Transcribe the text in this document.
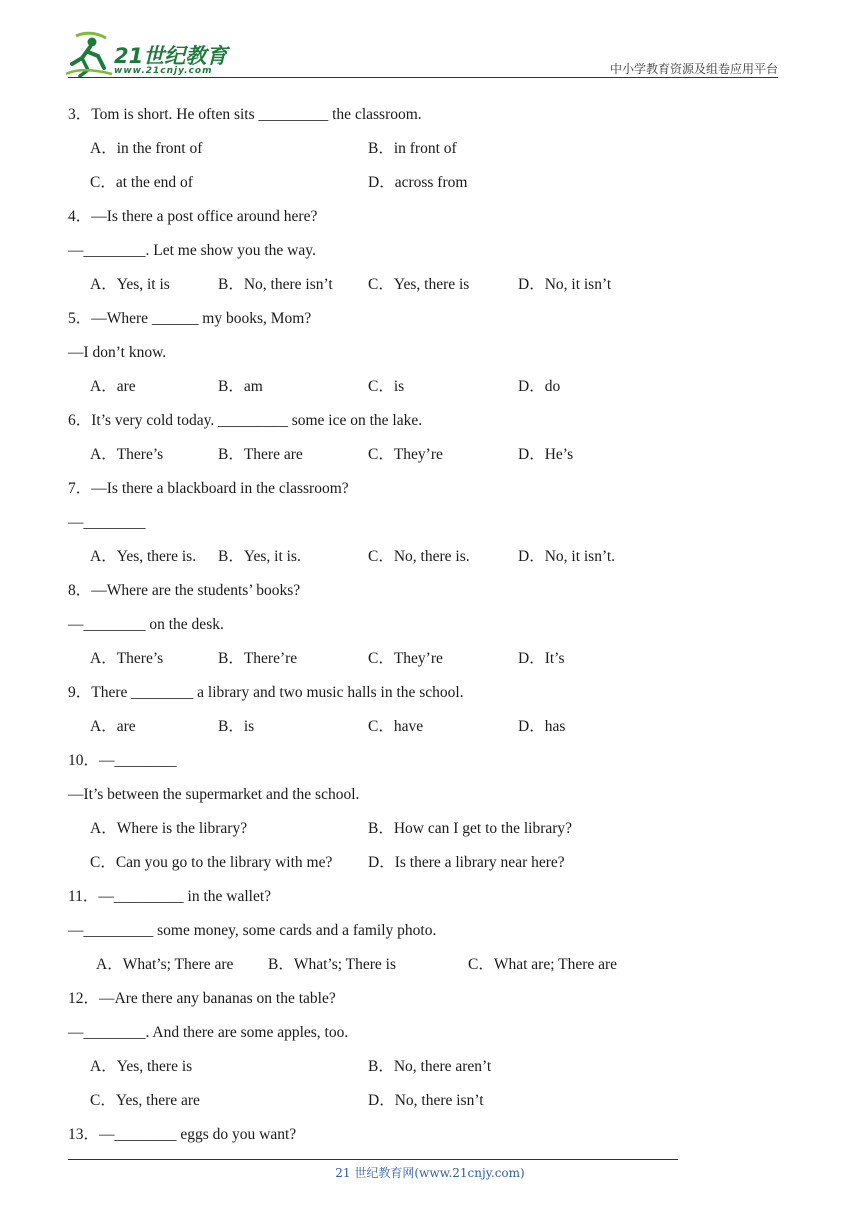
21世纪教育
www.21cnjy.com	中小学教育资源及组卷应用平台
3．Tom is short. He often sits _________ the classroom.
A．in the front of	B．in front of
C．at the end of	D．across from
4．—Is there a post office around here?
—________. Let me show you the way.
A．Yes, it is	B．No, there isn’t C．Yes, there is	D．No, it isn’t
5．—Where ______ my books, Mom?
—I don’t know.
A．are	B．am	C．is	D．do
6．It’s very cold today. _________ some ice on the lake.
A．There’s	B．There are	C．They’re	D．He’s
7．—Is there a blackboard in the classroom?
—________
A．Yes, there is. B．Yes, it is.	C．No, there is.	D．No, it isn’t.
8．—Where are the students’ books?
—________ on the desk.
A．There’s	B．There’re	C．They’re	D．It’s
9．There ________ a library and two music halls in the school.
A．are	B．is	C．have	D．has
10．—________
—It’s between the supermarket and the school.
A．Where is the library?	B．How can I get to the library?
C．Can you go to the library with me? D．Is there a library near here?
11．—_________ in the wallet?
—_________ some money, some cards and a family photo.
A．What’s; There are B．What’s; There is	C．What are; There are
12．—Are there any bananas on the table?
—________. And there are some apples, too.
A．Yes, there is	B．No, there aren’t
C．Yes, there are	D．No, there isn’t
13．—________ eggs do you want?
21 世纪教育网(www.21cnjy.com)
